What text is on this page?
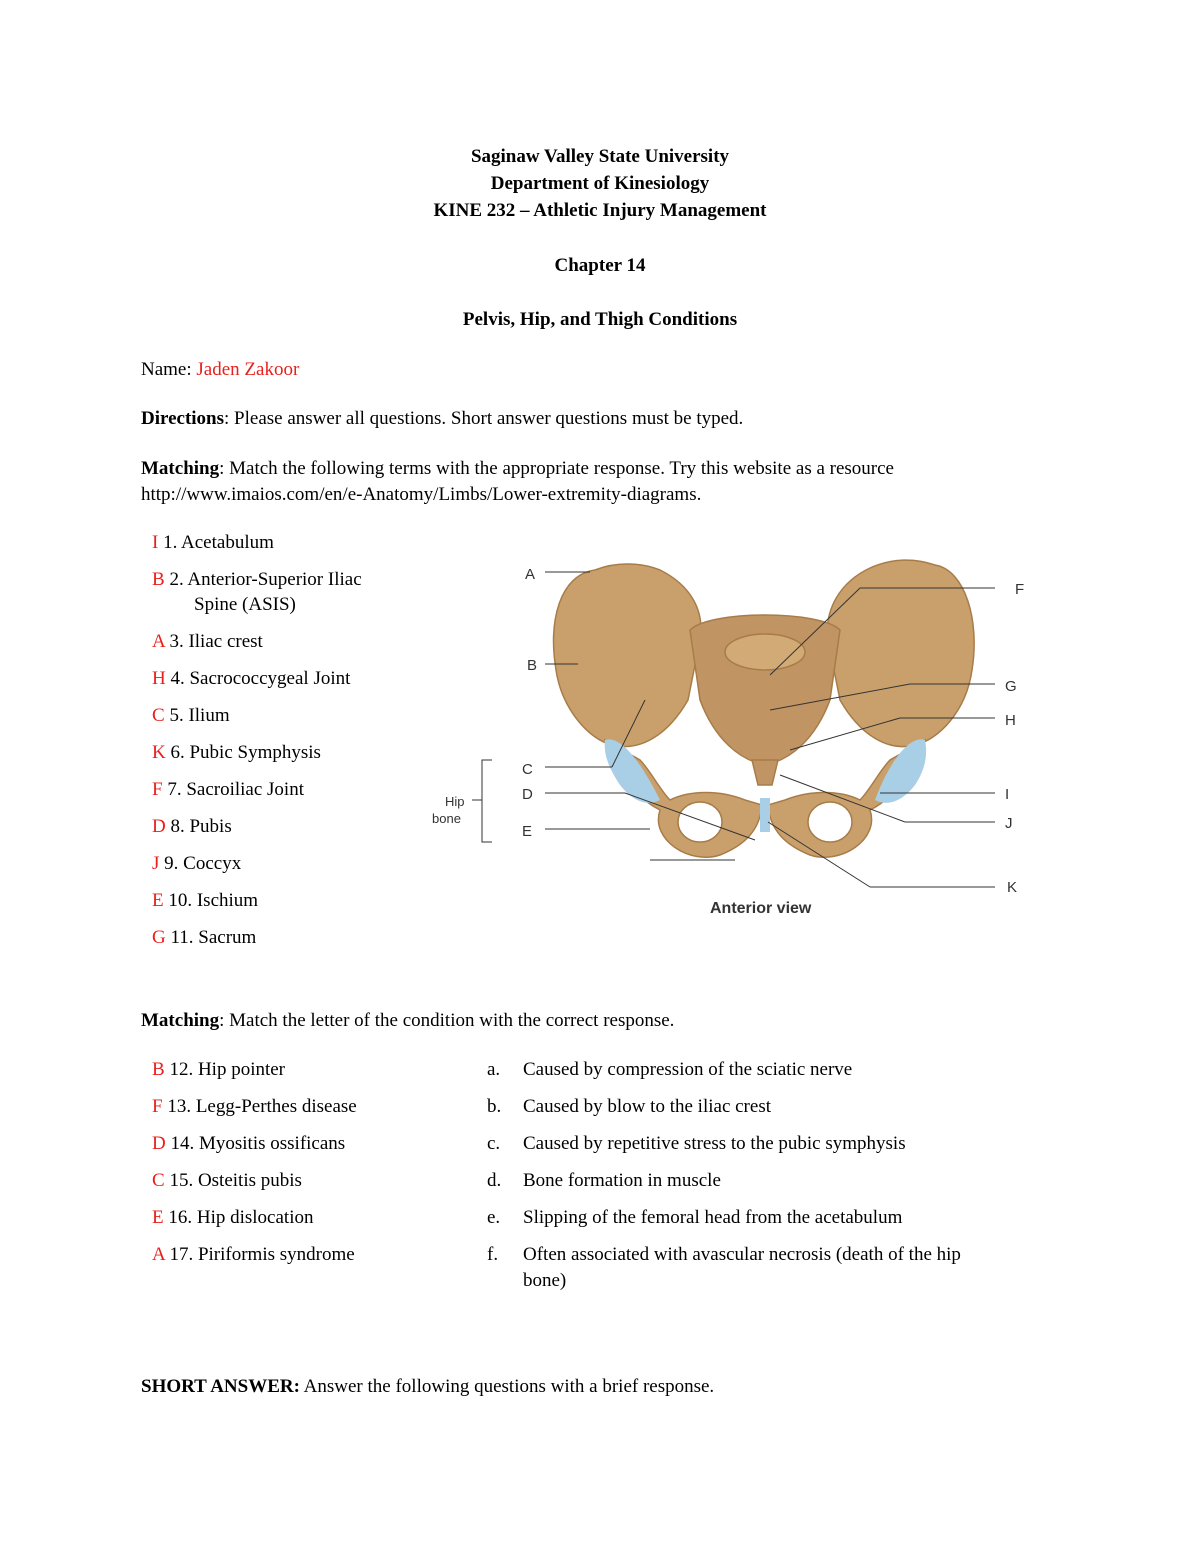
Saginaw Valley State University
Department of Kinesiology
KINE 232 – Athletic Injury Management
Chapter 14
Pelvis, Hip, and Thigh Conditions
Name: Jaden Zakoor
Directions: Please answer all questions. Short answer questions must be typed.
Matching: Match the following terms with the appropriate response. Try this website as a resource
http://www.imaios.com/en/e-Anatomy/Limbs/Lower-extremity-diagrams.
I 1. Acetabulum
B 2. Anterior-Superior Iliac
Spine (ASIS)
A 3. Iliac crest
H 4. Sacrococcygeal Joint
C 5. Ilium
K 6. Pubic Symphysis
F 7. Sacroiliac Joint
D 8. Pubis
J 9. Coccyx
E 10. Ischium
G 11. Sacrum
A
B
C
D
E
F
G
H
I
J
K
Hip
bone
Anterior view
Matching: Match the letter of the condition with the correct response.
B 12. Hip pointer
F 13. Legg-Perthes disease
D 14. Myositis ossificans
C 15. Osteitis pubis
E 16. Hip dislocation
A 17. Piriformis syndrome
a. Caused by compression of the sciatic nerve
b. Caused by blow to the iliac crest
c. Caused by repetitive stress to the pubic symphysis
d. Bone formation in muscle
e. Slipping of the femoral head from the acetabulum
f. Often associated with avascular necrosis (death of the hip
bone)
SHORT ANSWER: Answer the following questions with a brief response.
